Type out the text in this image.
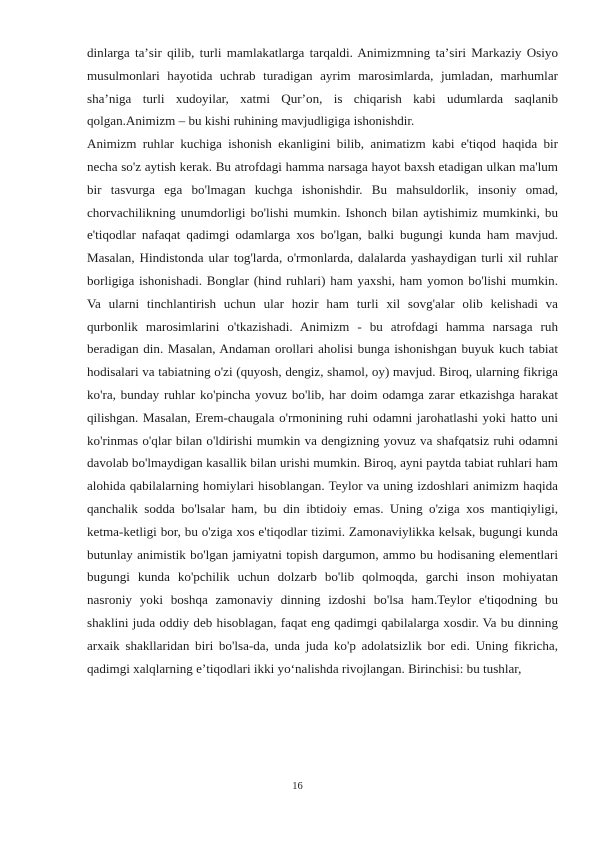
dinlarga taʼsir qilib, turli mamlakatlarga tarqaldi. Animizmning taʼsiri Markaziy Osiyo musulmonlari hayotida uchrab turadigan ayrim marosimlarda, jumladan, marhumlar shaʼniga turli xudoyilar, xatmi Qurʼon, is chiqarish kabi udumlarda saqlanib qolgan.Animizm – bu kishi ruhining mavjudligiga ishonishdir.

Animizm ruhlar kuchiga ishonish ekanligini bilib, animatizm kabi e'tiqod haqida bir necha so'z aytish kerak. Bu atrofdagi hamma narsaga hayot baxsh etadigan ulkan ma'lum bir tasvurga ega bo'lmagan kuchga ishonishdir. Bu mahsuldorlik, insoniy omad, chorvachilikning unumdorligi bo'lishi mumkin. Ishonch bilan aytishimiz mumkinki, bu e'tiqodlar nafaqat qadimgi odamlarga xos bo'lgan, balki bugungi kunda ham mavjud. Masalan, Hindistonda ular tog'larda, o'rmonlarda, dalalarda yashaydigan turli xil ruhlar borligiga ishonishadi. Bonglar (hind ruhlari) ham yaxshi, ham yomon bo'lishi mumkin. Va ularni tinchlantirish uchun ular hozir ham turli xil sovg'alar olib kelishadi va qurbonlik marosimlarini o'tkazishadi. Animizm - bu atrofdagi hamma narsaga ruh beradigan din. Masalan, Andaman orollari aholisi bunga ishonishgan buyuk kuch tabiat hodisalari va tabiatning o'zi (quyosh, dengiz, shamol, oy) mavjud. Biroq, ularning fikriga ko'ra, bunday ruhlar ko'pincha yovuz bo'lib, har doim odamga zarar etkazishga harakat qilishgan. Masalan, Erem-chaugala o'rmonining ruhi odamni jarohatlashi yoki hatto uni ko'rinmas o'qlar bilan o'ldirishi mumkin va dengizning yovuz va shafqatsiz ruhi odamni davolab bo'lmaydigan kasallik bilan urishi mumkin. Biroq, ayni paytda tabiat ruhlari ham alohida qabilalarning homiylari hisoblangan. Teylor va uning izdoshlari animizm haqida qanchalik sodda bo'lsalar ham, bu din ibtidoiy emas. Uning o'ziga xos mantiqiyligi, ketma-ketligi bor, bu o'ziga xos e'tiqodlar tizimi. Zamonaviylikka kelsak, bugungi kunda butunlay animistik bo'lgan jamiyatni topish dargumon, ammo bu hodisaning elementlari bugungi kunda ko'pchilik uchun dolzarb bo'lib qolmoqda, garchi inson mohiyatan nasroniy yoki boshqa zamonaviy dinning izdoshi bo'lsa ham.Teylor e'tiqodning bu shaklini juda oddiy deb hisoblagan, faqat eng qadimgi qabilalarga xosdir. Va bu dinning arxaik shakllaridan biri bo'lsa-da, unda juda ko'p adolatsizlik bor edi. Uning fikricha, qadimgi xalqlarning eʼtiqodlari ikki yoʻnalishda rivojlangan. Birinchisi: bu tushlar,

16
